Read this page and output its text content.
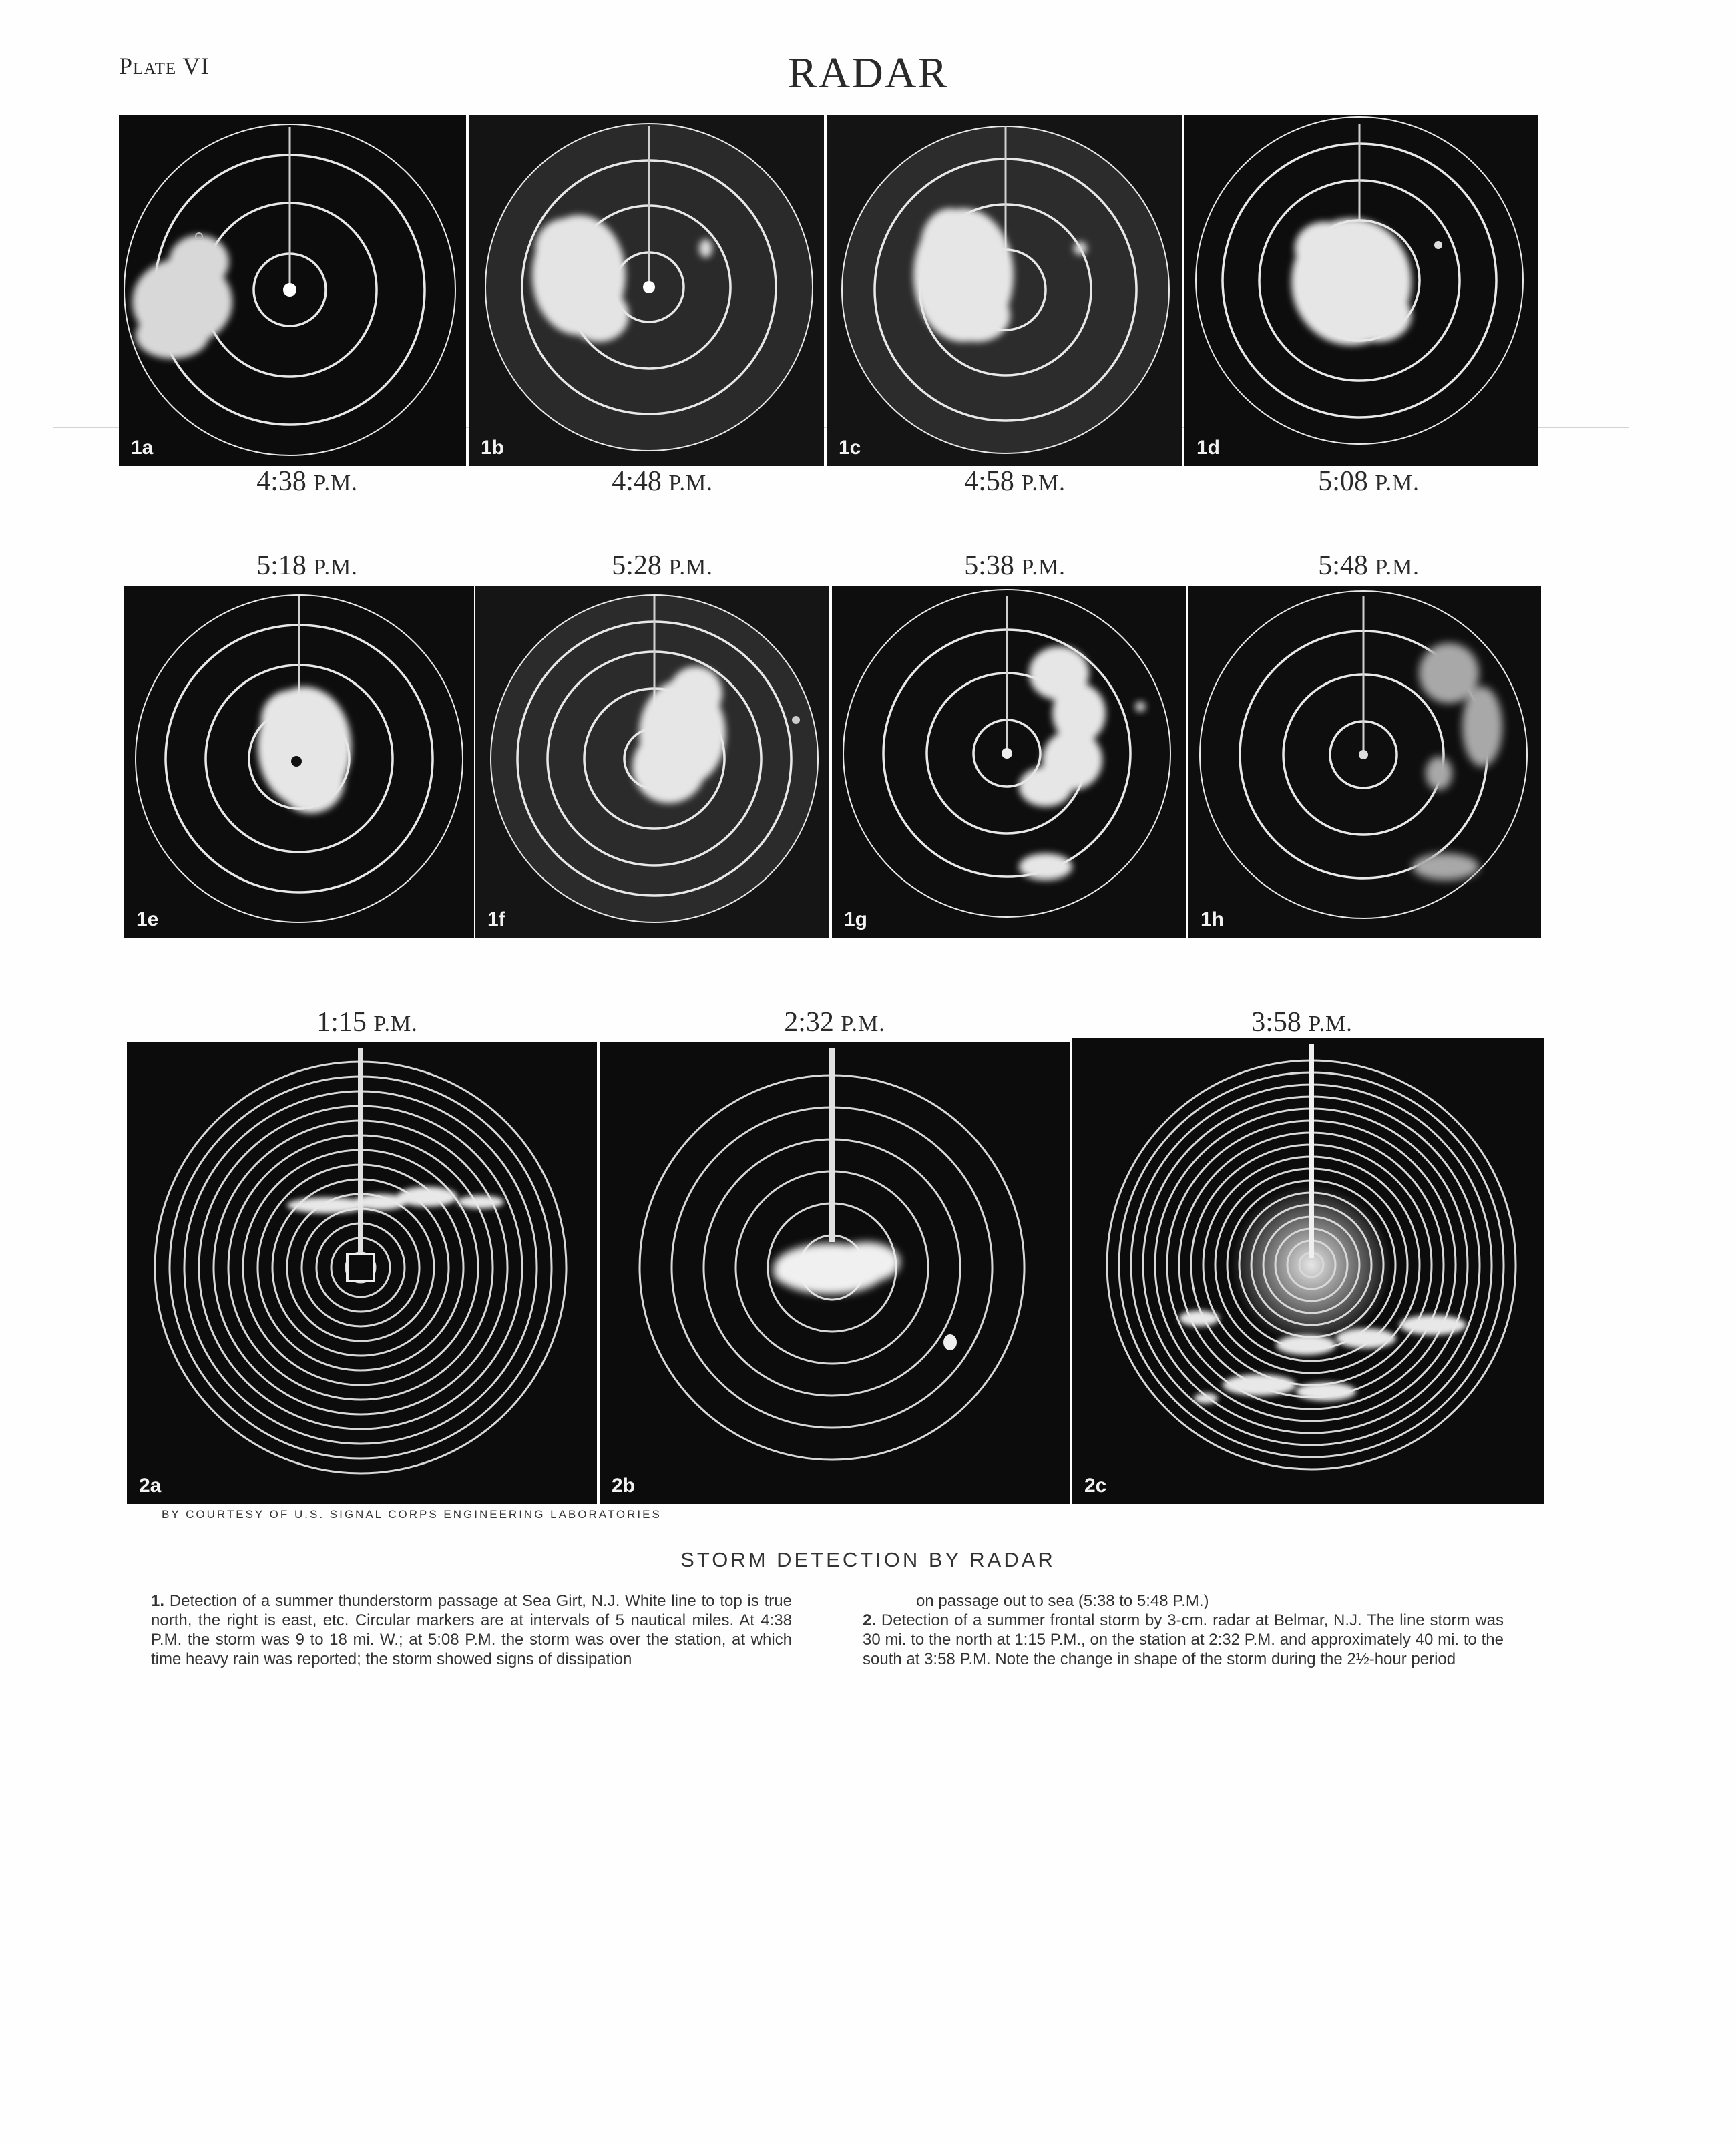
Plate VI	RADAR
1a	1b	1c	1d
4:38 P.M.	4:48 P.M.	4:58 P.M.	5:08 P.M.
5:18 P.M.	5:28 P.M.	5:38 P.M.	5:48 P.M.
1e	1f	1g	1h
1:15 P.M.	2:32 P.M.	3:58 P.M.
2a	2b	2c
BY COURTESY OF U.S. SIGNAL CORPS ENGINEERING LABORATORIES
STORM DETECTION BY RADAR
1. Detection of a summer thunderstorm passage at Sea Girt, N.J. White line to top is true north, the right is east, etc. Circular markers are at intervals of 5 nautical miles. At 4:38 P.M. the storm was 9 to 18 mi. W.; at 5:08 P.M. the storm was over the station, at which time heavy rain was reported; the storm showed signs of dissipation
on passage out to sea (5:38 to 5:48 P.M.)
2. Detection of a summer frontal storm by 3-cm. radar at Belmar, N.J. The line storm was 30 mi. to the north at 1:15 P.M., on the station at 2:32 P.M. and approximately 40 mi. to the south at 3:58 P.M. Note the change in shape of the storm during the 2½-hour period
